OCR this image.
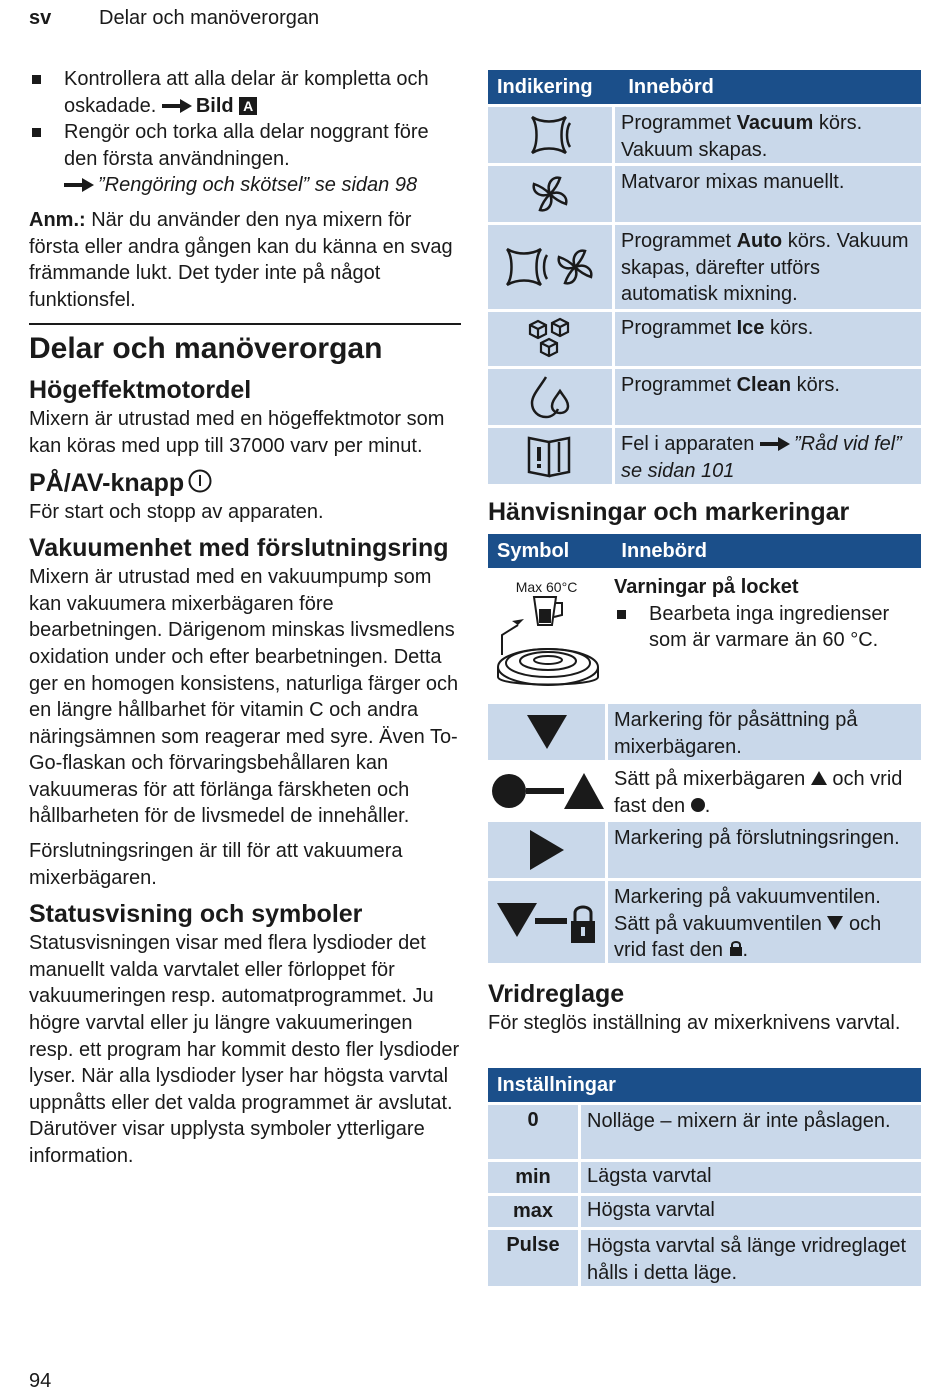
sv Delar och manöverorgan
Kontrollera att alla delar är kompletta och oskadade. Bild A
Rengör och torka alla delar noggrant före den första användningen.
”Rengöring och skötsel” se sidan 98

Anm.: När du använder den nya mixern för första eller andra gången kan du känna en svag främmande lukt. Det tyder inte på något funktionsfel.

Delar och manöverorgan
Högeffektmotordel

Mixern är utrustad med en högeffektmotor som kan köras med upp till 37000 varv per minut.

PÅ/AV-knapp

För start och stopp av apparaten.

Vakuumenhet med förslutningsring

Mixern är utrustad med en vakuumpump som kan vakuumera mixerbägaren före bearbetningen. Därigenom minskas livsmedlens oxidation under och efter bearbetningen. Detta ger en homogen konsistens, naturliga färger och en längre hållbarhet för vitamin C och andra näringsämnen som reagerar med syre. Även To-Go-flaskan och förvaringsbehållaren kan vakuumeras för att förlänga färskheten och hållbarheten för de livsmedel de innehåller.

Förslutningsringen är till för att vakuumera mixerbägaren.

Statusvisning och symboler

Statusvisningen visar med flera lysdioder det manuellt valda varvtalet eller förloppet för vakuumeringen resp. automatprogrammet. Ju högre varvtal eller ju längre vakuumeringen resp. ett program har kommit desto fler lysdioder lyser. När alla lysdioder lyser har högsta varvtal uppnåtts eller det valda programmet är avslutat. Därutöver visar upplysta symboler ytterligare information.

Indikering	Innebörd
Programmet Vacuum körs. Vakuum skapas.
Matvaror mixas manuellt.
Programmet Auto körs. Vakuum skapas, därefter utförs automatisk mixning.
Programmet Ice körs.
Programmet Clean körs.
Fel i apparaten ”Råd vid fel” se sidan 101
Hänvisningar och markeringar
Symbol	Innebörd
Max 60°C	Varningar på locket
Bearbeta inga ingredienser som är varmare än 60 °C.
Markering för påsättning på mixerbägaren.
Sätt på mixerbägaren  och vrid fast den .
Markering på förslutningsringen.
Markering på vakuumventilen. Sätt på vakuumventilen  och vrid fast den .
Vridreglage
För steglös inställning av mixerknivens varvtal.
Inställningar
0	Nolläge – mixern är inte påslagen.
min	Lägsta varvtal
max	Högsta varvtal
Pulse	Högsta varvtal så länge vridreglaget hålls i detta läge.
94
